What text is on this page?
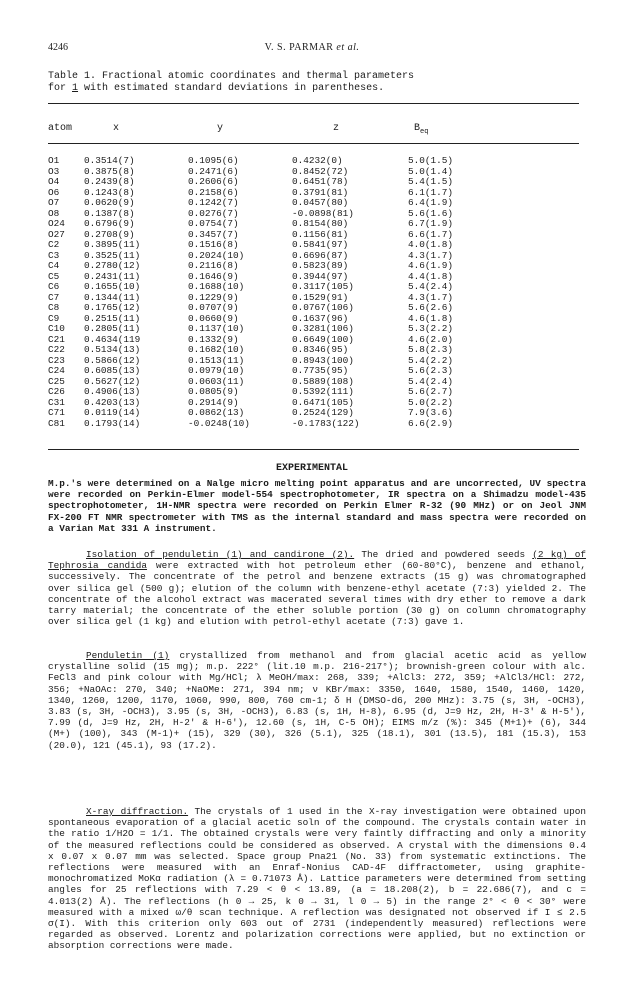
4246	V. S. PARMAR et al.
Table 1. Fractional atomic coordinates and thermal parameters
for 1 with estimated standard deviations in parentheses.
atom	x	y	z	$B_{eq}$
O1	0.3514(7)	0.1095(6)	0.4232(0)	5.0(1.5)
O3	0.3875(8)	0.2471(6)	0.8452(72)	5.0(1.4)
O4	0.2439(8)	0.2606(6)	0.6451(78)	5.4(1.5)
O6	0.1243(8)	0.2158(6)	0.3791(81)	6.1(1.7)
O7	0.0620(9)	0.1242(7)	0.0457(80)	6.4(1.9)
O8	0.1387(8)	0.0276(7)	-0.0898(81)	5.6(1.6)
O24 0.6796(9)	0.0754(7)	0.8154(80)	6.7(1.9)
O27 0.2708(9)	0.3457(7)	0.1156(81)	6.6(1.7)
C2	0.3895(11)	0.1516(8)	0.5841(97)	4.0(1.8)
C3	0.3525(11)	0.2024(10)	0.6696(87)	4.3(1.7)
C4	0.2780(12)	0.2116(8)	0.5823(89)	4.6(1.9)
C5	0.2431(11)	0.1646(9)	0.3944(97)	4.4(1.8)
C6	0.1655(10)	0.1688(10)	0.3117(105)	5.4(2.4)
C7	0.1344(11)	0.1229(9)	0.1529(91)	4.3(1.7)
C8	0.1765(12)	0.0707(9)	0.0767(106)	5.6(2.6)
C9	0.2515(11)	0.0660(9)	0.1637(96)	4.6(1.8)
C10 0.2805(11)	0.1137(10)	0.3281(106)	5.3(2.2)
C21 0.4634(119	0.1332(9)	0.6649(100)	4.6(2.0)
C22 0.5134(13)	0.1682(10)	0.8346(95)	5.8(2.3)
C23 0.5866(12)	0.1513(11)	0.8943(100)	5.4(2.2)
C24 0.6085(13)	0.0979(10)	0.7735(95)	5.6(2.3)
C25 0.5627(12)	0.0603(11)	0.5889(108)	5.4(2.4)
C26 0.4906(13)	0.0805(9)	0.5392(111)	5.6(2.7)
C31 0.4203(13)	0.2914(9)	0.6471(105)	5.0(2.2)
C71 0.0119(14)	0.0862(13)	0.2524(129)	7.9(3.6)
C81 0.1793(14)	-0.0248(10)	-0.1783(122)	6.6(2.9)
EXPERIMENTAL
M.p.'s were determined on a Nalge micro melting point apparatus and are uncorrected, UV spectra were recorded on Perkin-Elmer model-554 spectrophotometer, IR spectra on a Shimadzu model-435 spectrophotometer, 1H-NMR spectra were recorded on Perkin Elmer R-32 (90 MHz) or on Jeol JNM FX-200 FT NMR spectrometer with TMS as the internal standard and mass spectra were recorded on a Varian Mat 331 A instrument.
Isolation of penduletin (1) and candirone (2). The dried and powdered seeds (2 kg) of Tephrosia candida were extracted with hot petroleum ether (60-80°C), benzene and ethanol, successively. The concentrate of the petrol and benzene extracts (15 g) was chromatographed over silica gel (500 g); elution of the column with benzene-ethyl acetate (7:3) yielded 2. The concentrate of the alcohol extract was macerated several times with dry ether to remove a dark tarry material; the concentrate of the ether soluble portion (30 g) on column chromatography over silica gel (1 kg) and elution with petrol-ethyl acetate (7:3) gave 1.
Penduletin (1) crystallized from methanol and from glacial acetic acid as yellow crystalline solid (15 mg); m.p. 222° (lit.10 m.p. 216-217°); brownish-green colour with alc. FeCl3 and pink colour with Mg/HCl; λ MeOH/max: 268, 339; +AlCl3: 272, 359; +AlCl3/HCl: 272, 356; +NaOAc: 270, 340; +NaOMe: 271, 394 nm; ν KBr/max: 3350, 1640, 1580, 1540, 1460, 1420, 1340, 1260, 1200, 1170, 1060, 990, 800, 760 cm-1; δ H (DMSO-d6, 200 MHz): 3.75 (s, 3H, -OCH3), 3.83 (s, 3H, -OCH3), 3.95 (s, 3H, -OCH3), 6.83 (s, 1H, H-8), 6.95 (d, J=9 Hz, 2H, H-3' & H-5'), 7.99 (d, J=9 Hz, 2H, H-2' & H-6'), 12.60 (s, 1H, C-5 OH); EIMS m/z (%): 345 (M+1)+ (6), 344 (M+) (100), 343 (M-1)+ (15), 329 (30), 326 (5.1), 325 (18.1), 301 (13.5), 181 (15.3), 153 (20.0), 121 (45.1), 93 (17.2).
X-ray diffraction. The crystals of 1 used in the X-ray investigation were obtained upon spontaneous evaporation of a glacial acetic soln of the compound. The crystals contain water in the ratio 1/H2O = 1/1. The obtained crystals were very faintly diffracting and only a minority of the measured reflections could be considered as observed. A crystal with the dimensions 0.4 x 0.07 x 0.07 mm was selected. Space group Pna21 (No. 33) from systematic extinctions. The reflections were measured with an Enraf-Nonius CAD-4F diffractometer, using graphite-monochromatized MoKα radiation (λ = 0.71073 Å). Lattice parameters were determined from setting angles for 25 reflections with 7.29 < θ < 13.89, (a = 18.208(2), b = 22.686(7), and c = 4.013(2) Å). The reflections (h 0 → 25, k 0 → 31, l 0 → 5) in the range 2° < θ < 30° were measured with a mixed ω/θ scan technique. A reflection was designated not observed if I ≤ 2.5 σ(I). With this criterion only 603 out of 2731 (independently measured) reflections were regarded as observed. Lorentz and polarization corrections were applied, but no extinction or absorption corrections were made.
